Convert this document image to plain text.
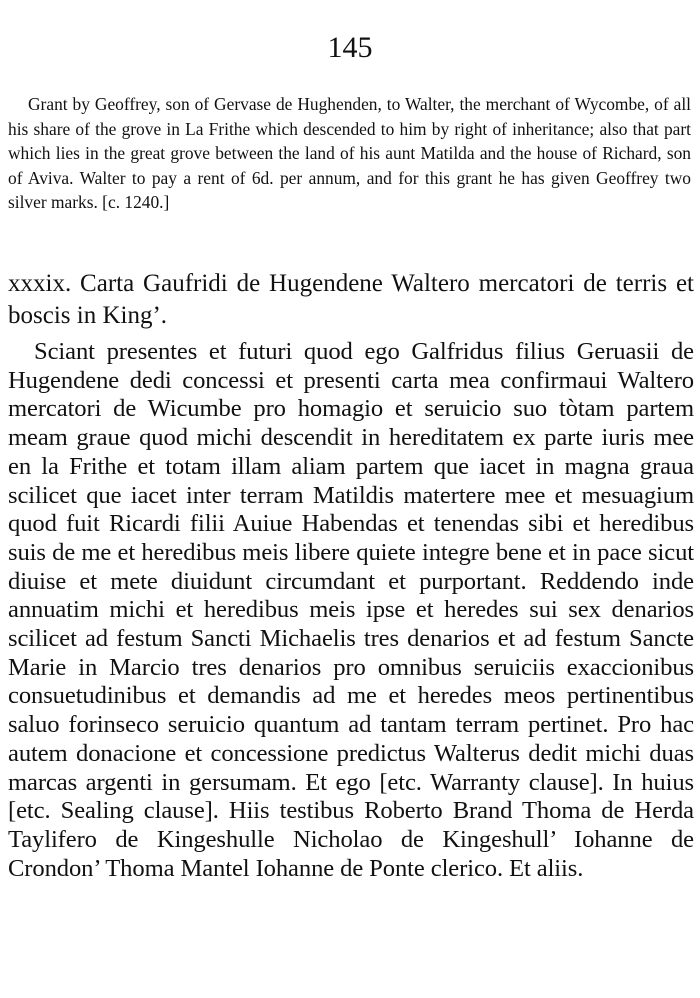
145

Grant by Geoffrey, son of Gervase de Hughenden, to Walter, the merchant of Wycombe, of all his share of the grove in La Frithe which descended to him by right of inheritance; also that part which lies in the great grove between the land of his aunt Matilda and the house of Richard, son of Aviva. Walter to pay a rent of 6d. per annum, and for this grant he has given Geoffrey two silver marks. [c. 1240.]

xxxix. Carta Gaufridi de Hugendene Waltero mercatori de terris et boscis in King’.

Sciant presentes et futuri quod ego Galfridus filius Geruasii de Hugendene dedi concessi et presenti carta mea confirmaui Waltero mercatori de Wicumbe pro homagio et seruicio suo tòtam partem meam graue quod michi descendit in hereditatem ex parte iuris mee en la Frithe et totam illam aliam partem que iacet in magna graua scilicet que iacet inter terram Matildis matertere mee et mesuagium quod fuit Ricardi filii Auiue Habendas et tenendas sibi et heredibus suis de me et heredibus meis libere quiete integre bene et in pace sicut diuise et mete diuidunt circumdant et purportant. Reddendo inde annuatim michi et heredibus meis ipse et heredes sui sex denarios scilicet ad festum Sancti Michaelis tres denarios et ad festum Sancte Marie in Marcio tres denarios pro omnibus seruiciis exaccionibus consuetudinibus et demandis ad me et heredes meos pertinentibus saluo forinseco seruicio quantum ad tantam terram pertinet. Pro hac autem donacione et concessione predictus Walterus dedit michi duas marcas argenti in gersumam. Et ego [etc. Warranty clause]. In huius [etc. Sealing clause]. Hiis testibus Roberto Brand Thoma de Herda Taylifero de Kingeshulle Nicholao de Kingeshull’ Iohanne de Crondon’ Thoma Mantel Iohanne de Ponte clerico. Et aliis.
